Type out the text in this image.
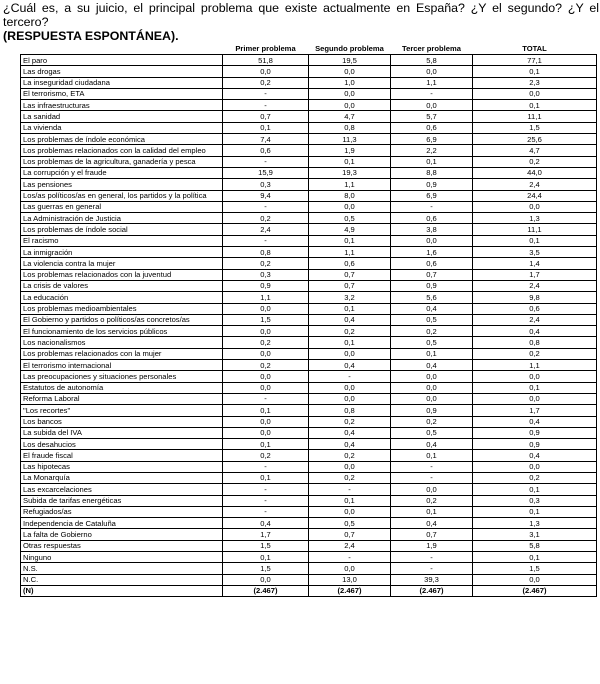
¿Cuál es, a su juicio, el principal problema que existe actualmente en España? ¿Y el segundo? ¿Y el tercero?
(RESPUESTA ESPONTÁNEA).
	Primer problema	Segundo problema	Tercer problema	TOTAL
El paro	51,8	19,5	5,8	77,1
Las drogas	0,0	0,0	0,0	0,1
La inseguridad ciudadana	0,2	1,0	1,1	2,3
El terrorismo, ETA	-	0,0	-	0,0
Las infraestructuras	-	0,0	0,0	0,1
La sanidad	0,7	4,7	5,7	11,1
La vivienda	0,1	0,8	0,6	1,5
Los problemas de índole económica	7,4	11,3	6,9	25,6
Los problemas relacionados con la calidad del empleo	0,6	1,9	2,2	4,7
Los problemas de la agricultura, ganadería y pesca	-	0,1	0,1	0,2
La corrupción y el fraude	15,9	19,3	8,8	44,0
Las pensiones	0,3	1,1	0,9	2,4
Los/as políticos/as en general, los partidos y la política	9,4	8,0	6,9	24,4
Las guerras en general	-	0,0	-	0,0
La Administración de Justicia	0,2	0,5	0,6	1,3
Los problemas de índole social	2,4	4,9	3,8	11,1
El racismo	-	0,1	0,0	0,1
La inmigración	0,8	1,1	1,6	3,5
La violencia contra la mujer	0,2	0,6	0,6	1,4
Los problemas relacionados con la juventud	0,3	0,7	0,7	1,7
La crisis de valores	0,9	0,7	0,9	2,4
La educación	1,1	3,2	5,6	9,8
Los problemas medioambientales	0,0	0,1	0,4	0,6
El Gobierno y partidos o políticos/as concretos/as	1,5	0,4	0,5	2,4
El funcionamiento de los servicios públicos	0,0	0,2	0,2	0,4
Los nacionalismos	0,2	0,1	0,5	0,8
Los problemas relacionados con la mujer	0,0	0,0	0,1	0,2
El terrorismo internacional	0,2	0,4	0,4	1,1
Las preocupaciones y situaciones personales	0,0	-	0,0	0,0
Estatutos de autonomía	0,0	0,0	0,0	0,1
Reforma Laboral	-	0,0	0,0	0,0
"Los recortes"	0,1	0,8	0,9	1,7
Los bancos	0,0	0,2	0,2	0,4
La subida del IVA	0,0	0,4	0,5	0,9
Los desahucios	0,1	0,4	0,4	0,9
El fraude fiscal	0,2	0,2	0,1	0,4
Las hipotecas	-	0,0	-	0,0
La Monarquía	0,1	0,2	-	0,2
Las excarcelaciones	-	-	0,0	0,1
Subida de tarifas energéticas	-	0,1	0,2	0,3
Refugiados/as	-	0,0	0,1	0,1
Independencia de Cataluña	0,4	0,5	0,4	1,3
La falta de Gobierno	1,7	0,7	0,7	3,1
Otras respuestas	1,5	2,4	1,9	5,8
Ninguno	0,1	-	-	0,1
N.S.	1,5	0,0	-	1,5
N.C.	0,0	13,0	39,3	0,0
(N)	(2.467)	(2.467)	(2.467)	(2.467)
